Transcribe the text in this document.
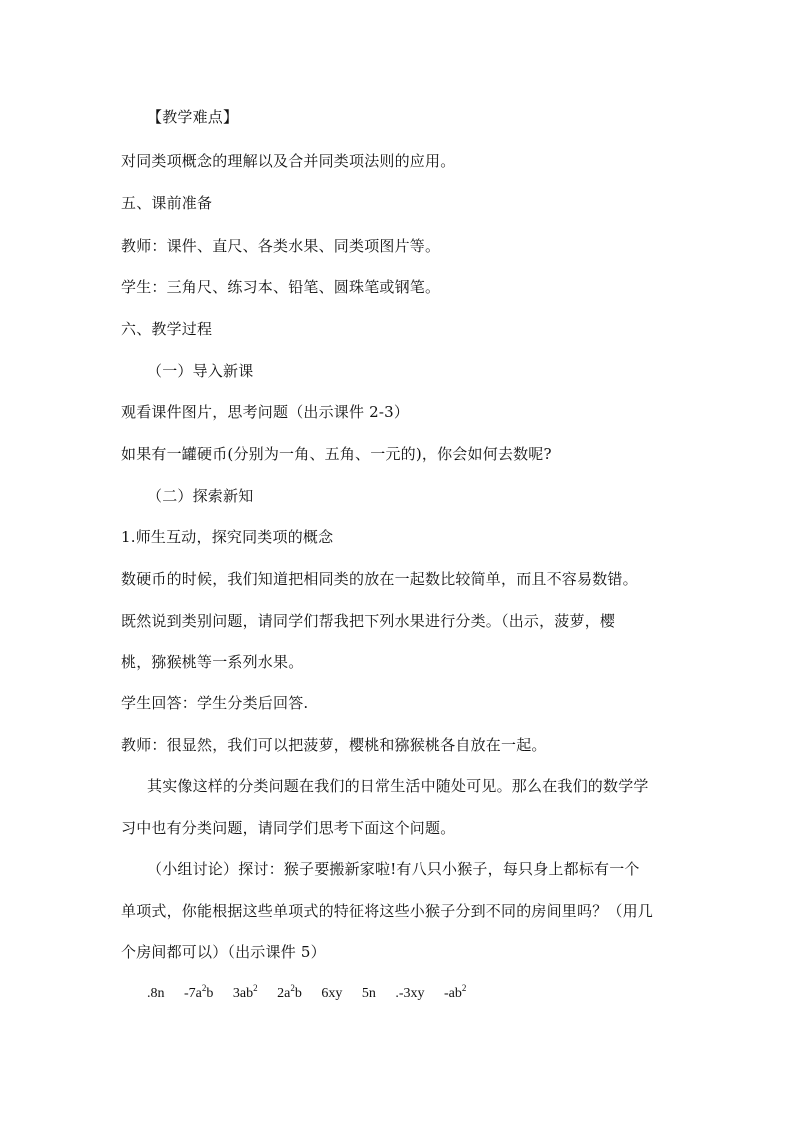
【教学难点】
对同类项概念的理解以及合并同类项法则的应用。
五、课前准备
教师：课件、直尺、各类水果、同类项图片等。
学生：三角尺、练习本、铅笔、圆珠笔或钢笔。
六、教学过程
（一）导入新课
观看课件图片，思考问题（出示课件 2-3）
如果有一罐硬币(分别为一角、五角、一元的)，你会如何去数呢?
（二）探索新知
1.师生互动，探究同类项的概念
数硬币的时候，我们知道把相同类的放在一起数比较简单，而且不容易数错。
既然说到类别问题，请同学们帮我把下列水果进行分类。（出示，菠萝，樱
桃，猕猴桃等一系列水果。
学生回答：学生分类后回答.
教师：很显然，我们可以把菠萝，樱桃和猕猴桃各自放在一起。
其实像这样的分类问题在我们的日常生活中随处可见。那么在我们的数学学
习中也有分类问题，请同学们思考下面这个问题。
（小组讨论）探讨：猴子要搬新家啦!有八只小猴子，每只身上都标有一个
单项式，你能根据这些单项式的特征将这些小猴子分到不同的房间里吗？（用几
个房间都可以）（出示课件 5）
.8n $-7a^2b$ $3ab^2$ $2a^2b$ 6xy 5n .-3xy $-ab^2$
